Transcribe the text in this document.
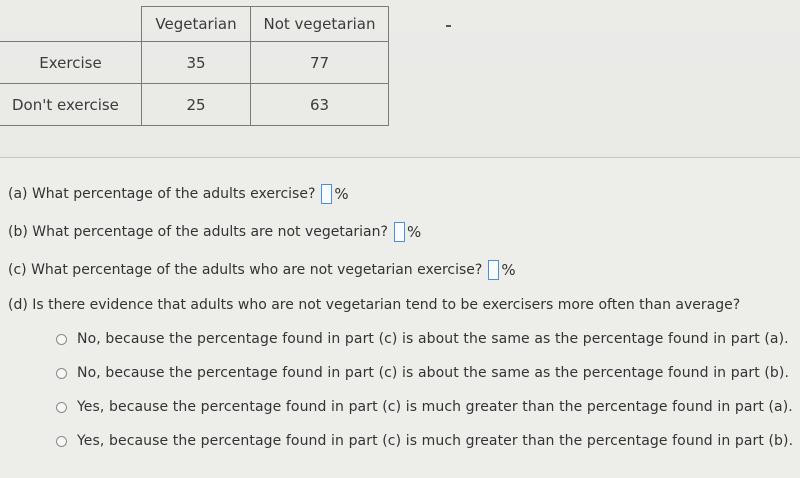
	Vegetarian	Not vegetarian
Exercise	35	77
Don't exercise	25	63
(a) What percentage of the adults exercise? %
(b) What percentage of the adults are not vegetarian? %
(c) What percentage of the adults who are not vegetarian exercise? %
(d) Is there evidence that adults who are not vegetarian tend to be exercisers more often than average?
No, because the percentage found in part (c) is about the same as the percentage found in part (a).
No, because the percentage found in part (c) is about the same as the percentage found in part (b).
Yes, because the percentage found in part (c) is much greater than the percentage found in part (a).
Yes, because the percentage found in part (c) is much greater than the percentage found in part (b).
